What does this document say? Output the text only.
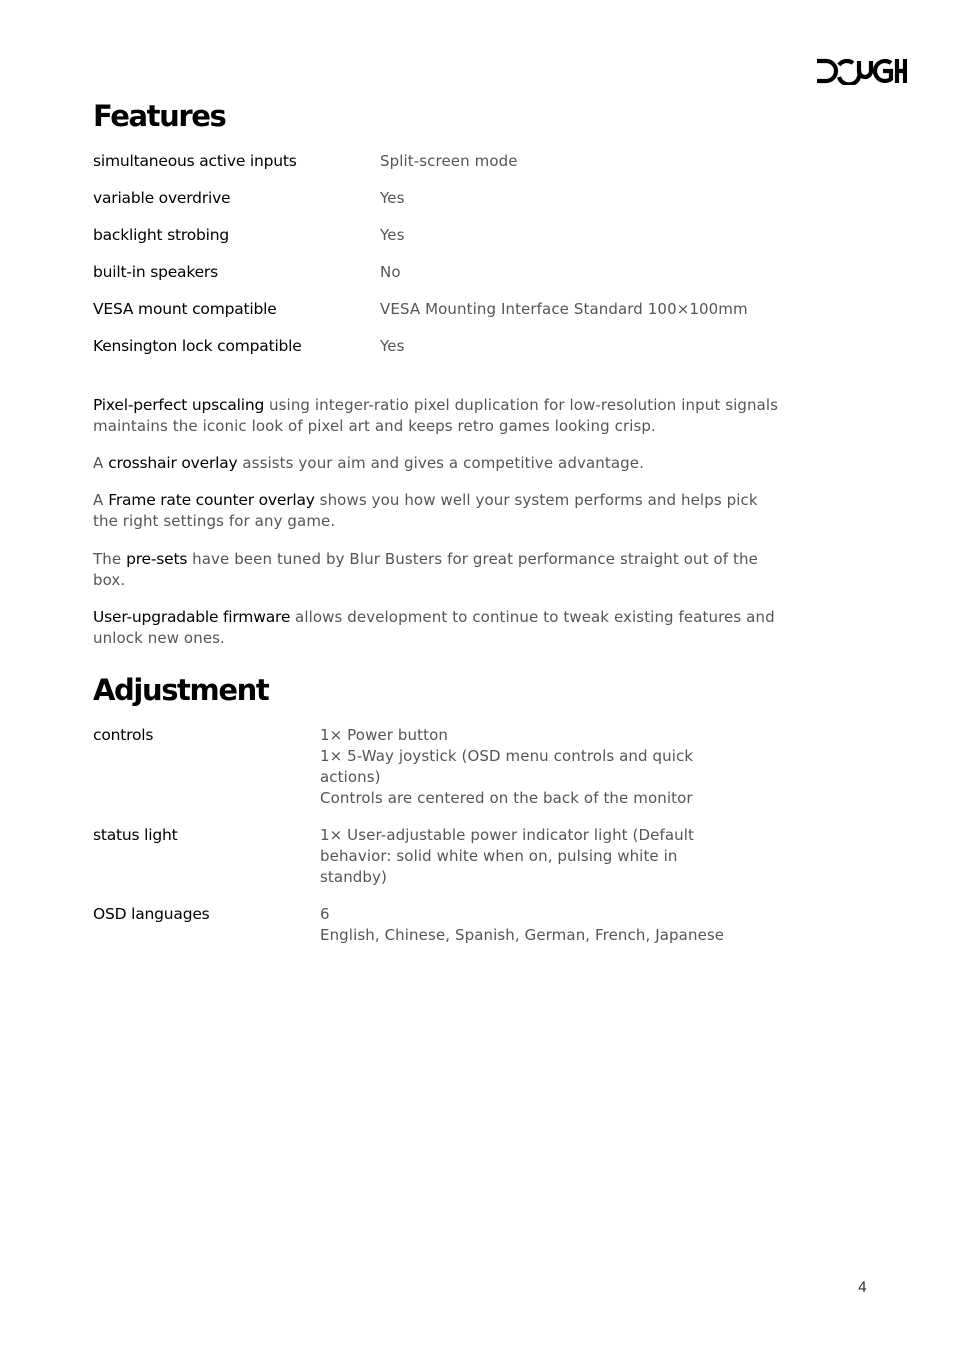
Features
simultaneous active inputs	Split-screen mode

variable overdrive	Yes

backlight strobing	Yes

built-in speakers	No

VESA mount compatible	VESA Mounting Interface Standard 100×100mm

Kensington lock compatible	Yes

Pixel-perfect upscaling using integer-ratio pixel duplication for low-resolution input signals maintains the iconic look of pixel art and keeps retro games looking crisp.

A crosshair overlay assists your aim and gives a competitive advantage.

A Frame rate counter overlay shows you how well your system performs and helps pick the right settings for any game.

The pre-sets have been tuned by Blur Busters for great performance straight out of the box.

User-upgradable firmware allows development to continue to tweak existing features and unlock new ones.

Adjustment
controls	1× Power button
1× 5-Way joystick (OSD menu controls and quick actions)
Controls are centered on the back of the monitor

status light	1× User-adjustable power indicator light (Default behavior: solid white when on, pulsing white in standby)

OSD languages	6
English, Chinese, Spanish, German, French, Japanese
4
